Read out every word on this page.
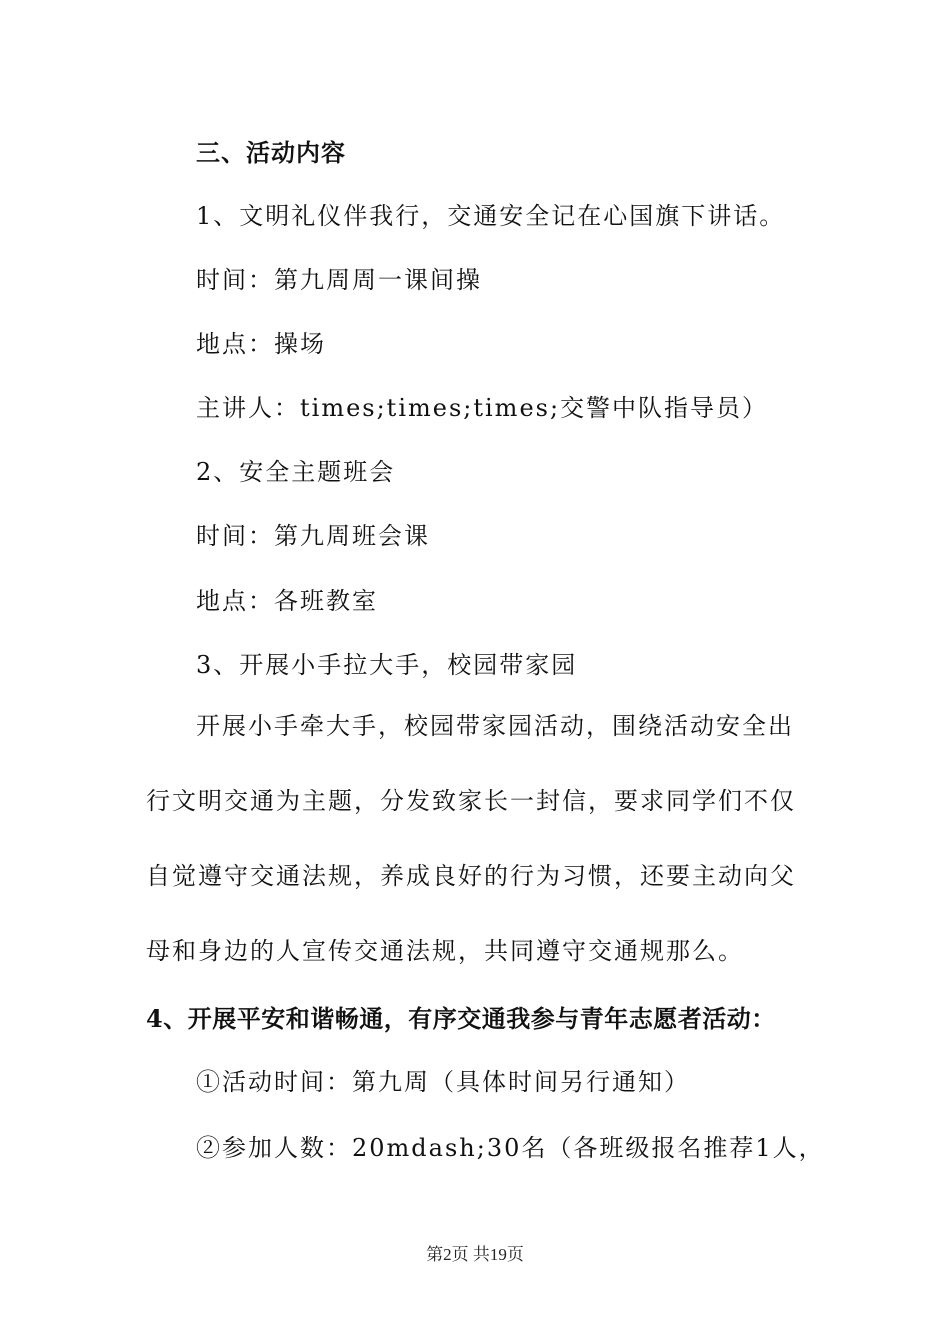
三、活动内容
1、文明礼仪伴我行，交通安全记在心国旗下讲话。
时间：第九周周一课间操
地点：操场
主讲人：times;times;times;交警中队指导员）
2、安全主题班会
时间：第九周班会课
地点：各班教室
3、开展小手拉大手，校园带家园

开展小手牵大手，校园带家园活动，围绕活动安全出行文明交通为主题，分发致家长一封信，要求同学们不仅自觉遵守交通法规，养成良好的行为习惯，还要主动向父母和身边的人宣传交通法规，共同遵守交通规那么。

4、开展平安和谐畅通，有序交通我参与青年志愿者活动：
①活动时间：第九周（具体时间另行通知）
②参加人数：20mdash;30名（各班级报名推荐1人，
第2页 共19页
